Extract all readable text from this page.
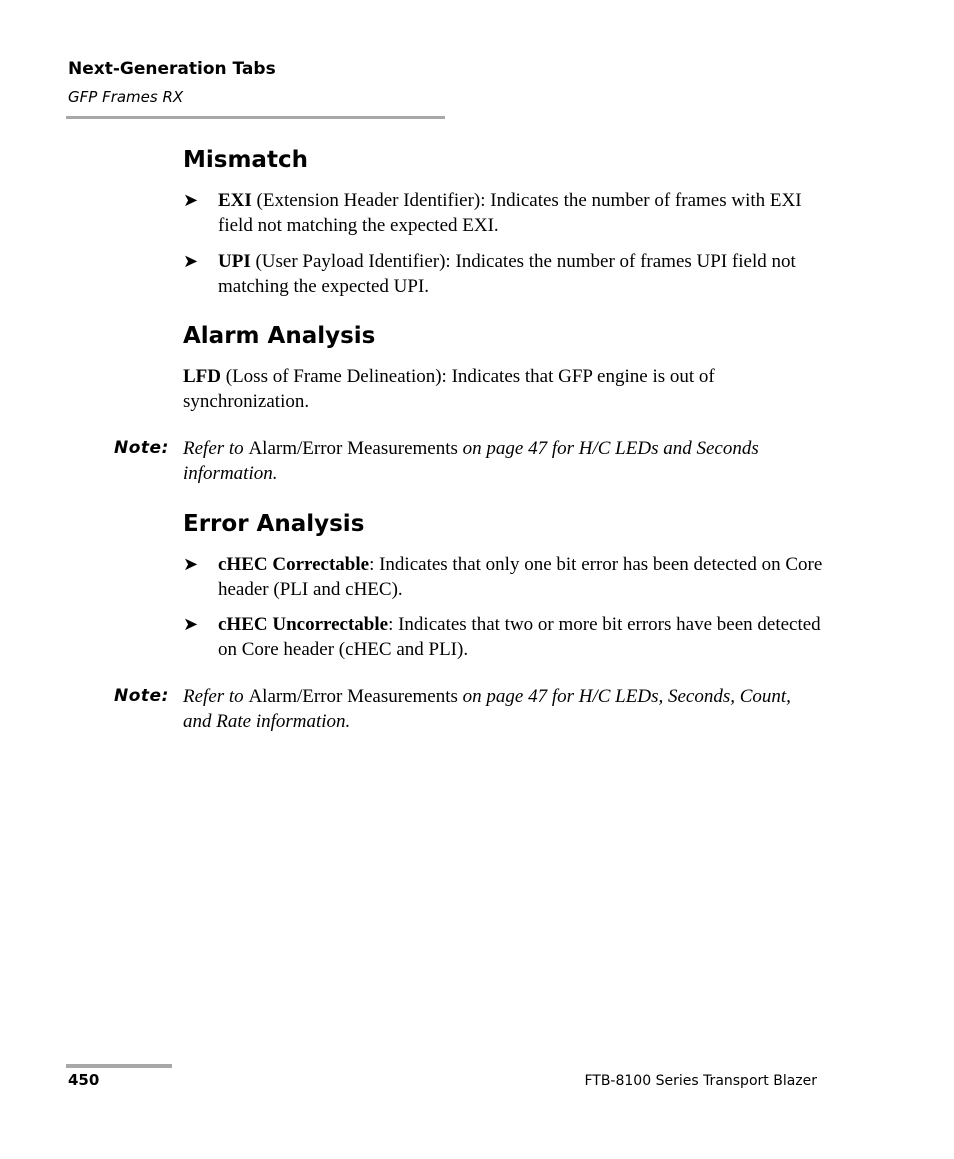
Next-Generation Tabs
GFP Frames RX
Mismatch
➤ EXI (Extension Header Identifier): Indicates the number of frames with EXI field not matching the expected EXI.
➤ UPI (User Payload Identifier): Indicates the number of frames UPI field not matching the expected UPI.
Alarm Analysis
LFD (Loss of Frame Delineation): Indicates that GFP engine is out of synchronization.
Error Analysis
➤ cHEC Correctable: Indicates that only one bit error has been detected on Core header (PLI and cHEC).
➤ cHEC Uncorrectable: Indicates that two or more bit errors have been detected on Core header (cHEC and PLI).
Note: Refer to Alarm/Error Measurements on page 47 for H/C LEDs and Seconds information.
Note: Refer to Alarm/Error Measurements on page 47 for H/C LEDs, Seconds, Count, and Rate information.
450	FTB-8100 Series Transport Blazer
